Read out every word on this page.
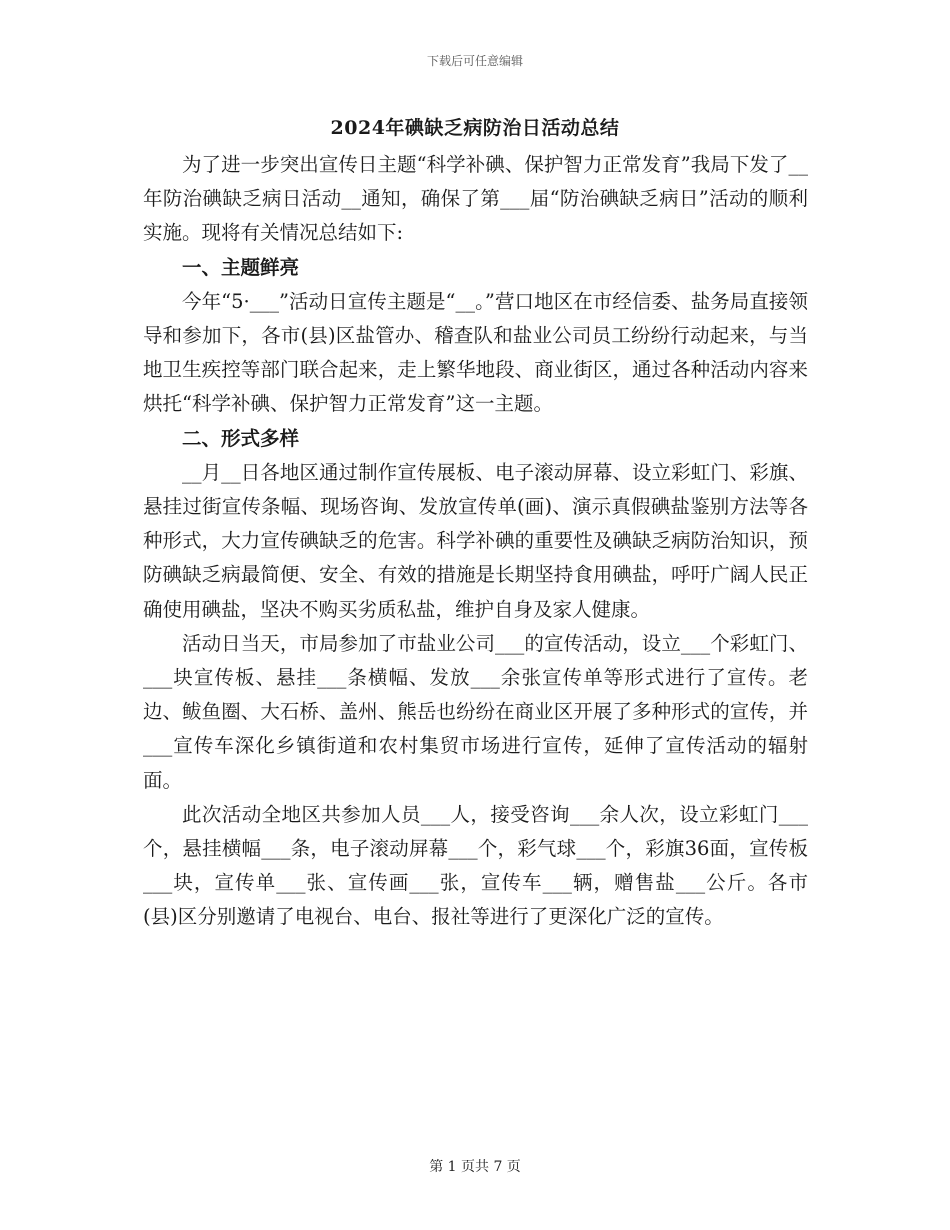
下载后可任意编辑
2024年碘缺乏病防治日活动总结

为了进一步突出宣传日主题“科学补碘、保护智力正常发育”我局下发了__年防治碘缺乏病日活动__通知，确保了第___届“防治碘缺乏病日”活动的顺利实施。现将有关情况总结如下:

一、主题鲜亮

今年“5·___”活动日宣传主题是“__。”营口地区在市经信委、盐务局直接领导和参加下，各市(县)区盐管办、稽查队和盐业公司员工纷纷行动起来，与当地卫生疾控等部门联合起来，走上繁华地段、商业街区，通过各种活动内容来烘托“科学补碘、保护智力正常发育”这一主题。

二、形式多样

__月__日各地区通过制作宣传展板、电子滚动屏幕、设立彩虹门、彩旗、悬挂过街宣传条幅、现场咨询、发放宣传单(画)、演示真假碘盐鉴别方法等各种形式，大力宣传碘缺乏的危害。科学补碘的重要性及碘缺乏病防治知识，预防碘缺乏病最简便、安全、有效的措施是长期坚持食用碘盐，呼吁广阔人民正确使用碘盐，坚决不购买劣质私盐，维护自身及家人健康。

活动日当天，市局参加了市盐业公司___的宣传活动，设立___个彩虹门、___块宣传板、悬挂___条横幅、发放___余张宣传单等形式进行了宣传。老边、鲅鱼圈、大石桥、盖州、熊岳也纷纷在商业区开展了多种形式的宣传，并___宣传车深化乡镇街道和农村集贸市场进行宣传，延伸了宣传活动的辐射面。

此次活动全地区共参加人员___人，接受咨询___余人次，设立彩虹门___个，悬挂横幅___条，电子滚动屏幕___个，彩气球___个，彩旗36面，宣传板___块，宣传单___张、宣传画___张，宣传车___辆，赠售盐___公斤。各市(县)区分别邀请了电视台、电台、报社等进行了更深化广泛的宣传。

第 1 页共 7 页
